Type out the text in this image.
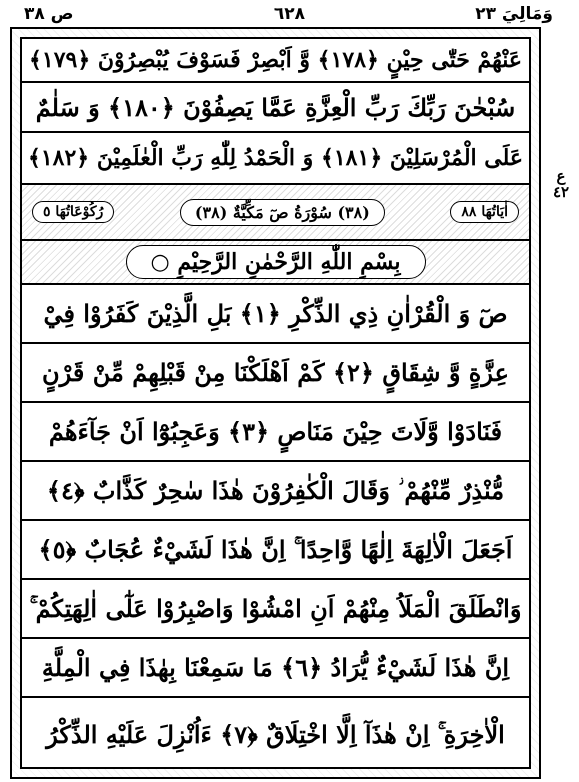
ص ٣٨	٦٢٨	وَمَالِيَ ٢٣
عَنْهُمْ حَتّٰى حِيْنٍ ﴿١٧٨﴾ وَّ اَبْصِرْ فَسَوْفَ يُبْصِرُوْنَ ﴿١٧٩﴾
سُبْحٰنَ رَبِّكَ رَبِّ الْعِزَّةِ عَمَّا يَصِفُوْنَ ﴿١٨٠﴾ وَ سَلٰمٌ
عَلَى الْمُرْسَلِيْنَ ﴿١٨١﴾ وَ الْحَمْدُ لِلّٰهِ رَبِّ الْعٰلَمِيْنَ ﴿١٨٢﴾
اٰيَاتُهَا ٨٨
(٣٨) سُوْرَةُ صٓ مَكِّيَّةٌ (٣٨)
رُكُوْعَاتُهَا ٥
بِسْمِ اللّٰهِ الرَّحْمٰنِ الرَّحِيْمِ ○
صٓ وَ الْقُرْاٰنِ ذِي الذِّكْرِ ﴿١﴾ بَلِ الَّذِيْنَ كَفَرُوْا فِيْ
عِزَّةٍ وَّ شِقَاقٍ ﴿٢﴾ كَمْ اَهْلَكْنَا مِنْ قَبْلِهِمْ مِّنْ قَرْنٍ
فَنَادَوْا وَّلَاتَ حِيْنَ مَنَاصٍ ﴿٣﴾ وَعَجِبُوْٓا اَنْ جَآءَهُمْ
مُّنْذِرٌ مِّنْهُمْ ؗ وَقَالَ الْكٰفِرُوْنَ هٰذَا سٰحِرٌ كَذَّابٌ ﴿٤﴾
اَجَعَلَ الْاٰلِهَةَ اِلٰهًا وَّاحِدًا ۚ اِنَّ هٰذَا لَشَيْءٌ عُجَابٌ ﴿٥﴾
وَانْطَلَقَ الْمَلَاُ مِنْهُمْ اَنِ امْشُوْا وَاصْبِرُوْا عَلٰٓى اٰلِهَتِكُمْ ۚ
اِنَّ هٰذَا لَشَيْءٌ يُّرَادُ ﴿٦﴾ مَا سَمِعْنَا بِهٰذَا فِي الْمِلَّةِ
الْاٰخِرَةِ ۚ اِنْ هٰذَآ اِلَّا اخْتِلَاقٌ ﴿٧﴾ ءَاُنْزِلَ عَلَيْهِ الذِّكْرُ
ع ٤٢
